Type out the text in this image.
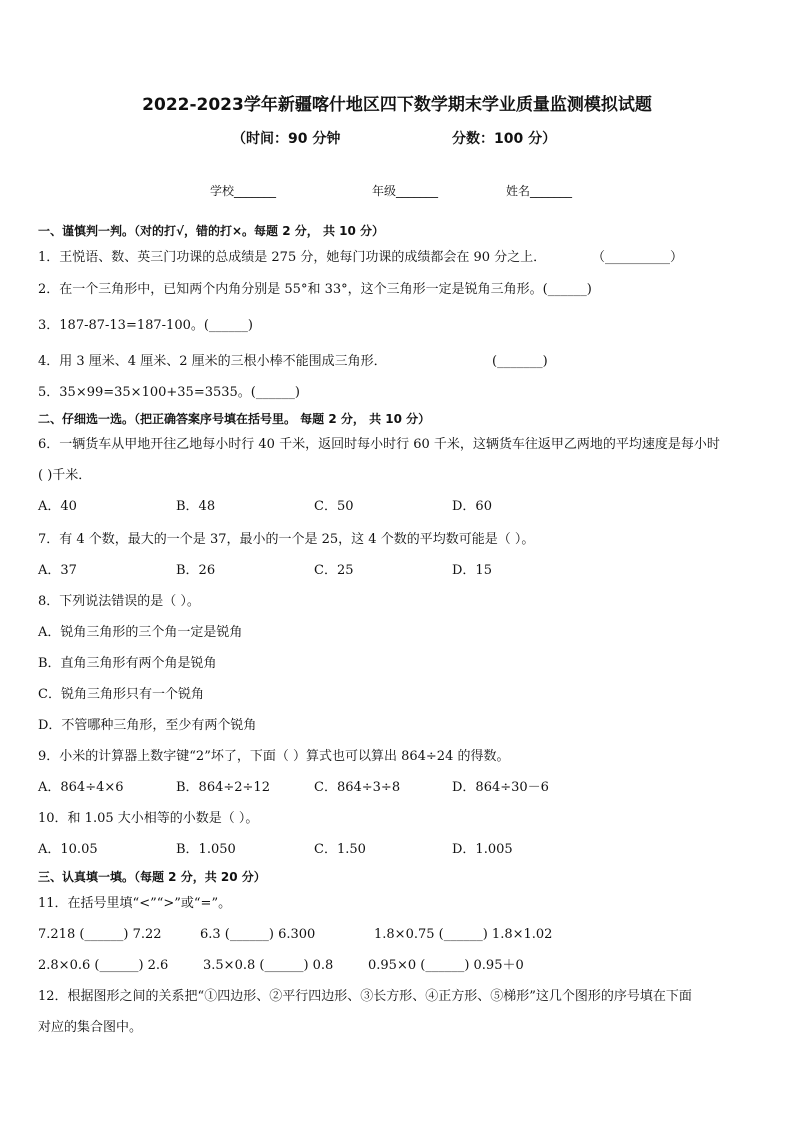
2022-2023学年新疆喀什地区四下数学期末学业质量监测模拟试题
（时间：90 分钟	分数：100 分）
学校_______	年级_______	姓名_______
一、谨慎判一判。（对的打√，错的打×。每题 2 分， 共 10 分）
1．王悦语、数、英三门功课的总成绩是 275 分，她每门功课的成绩都会在 90 分之上．	（__________）
2．在一个三角形中，已知两个内角分别是 55°和 33°，这个三角形一定是锐角三角形。(______)
3．187-87-13=187-100。(______)
4．用 3 厘米、4 厘米、2 厘米的三根小棒不能围成三角形．	(_______)
5．35×99=35×100+35=3535。(______)
二、仔细选一选。（把正确答案序号填在括号里。 每题 2 分， 共 10 分）
6．一辆货车从甲地开往乙地每小时行 40 千米，返回时每小时行 60 千米，这辆货车往返甲乙两地的平均速度是每小时
( )千米．
A．40	B．48	C．50	D．60
7．有 4 个数，最大的一个是 37，最小的一个是 25，这 4 个数的平均数可能是（ ）。
A．37	B．26	C．25	D．15
8．下列说法错误的是（ ）。
A．锐角三角形的三个角一定是锐角
B．直角三角形有两个角是锐角
C．锐角三角形只有一个锐角
D．不管哪种三角形，至少有两个锐角
9．小米的计算器上数字键“2”坏了，下面（ ）算式也可以算出 864÷24 的得数。
A．864÷4×6	B．864÷2÷12	C．864÷3÷8	D．864÷30－6
10．和 1.05 大小相等的小数是（ ）。
A．10.05	B．1.050	C．1.50	D．1.005
三、认真填一填。（每题 2 分，共 20 分）
11．在括号里填“<”“>”或“=”。
7.218 (______) 7.22	6.3 (______) 6.300	1.8×0.75 (______) 1.8×1.02
2.8×0.6 (______) 2.6	3.5×0.8 (______) 0.8	0.95×0 (______) 0.95＋0
12．根据图形之间的关系把“①四边形、②平行四边形、③长方形、④正方形、⑤梯形”这几个图形的序号填在下面
对应的集合图中。
